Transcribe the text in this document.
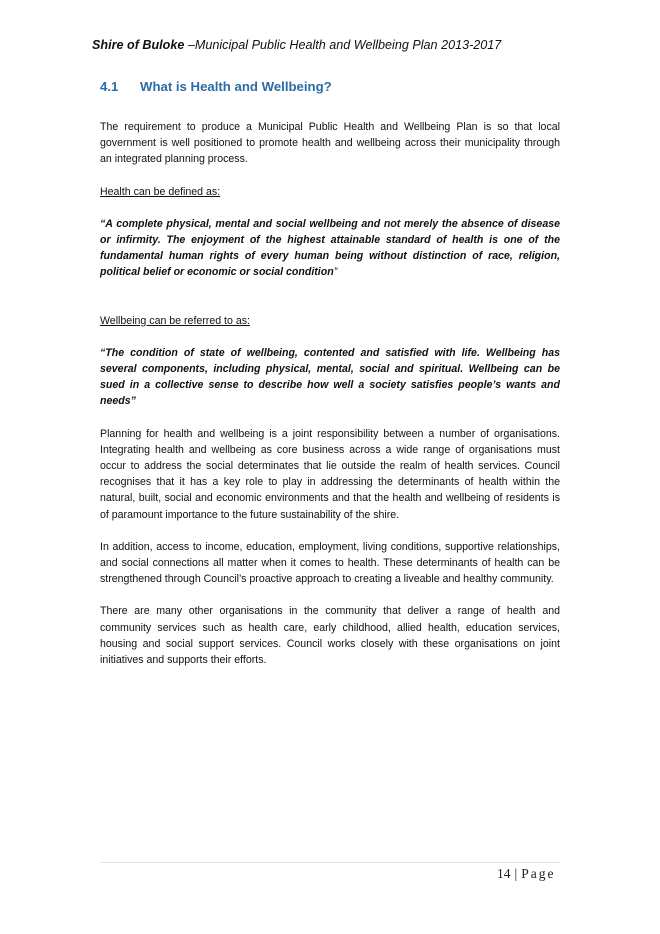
Shire of Buloke –Municipal Public Health and Wellbeing Plan 2013-2017
4.1 What is Health and Wellbeing?

The requirement to produce a Municipal Public Health and Wellbeing Plan is so that local government is well positioned to promote health and wellbeing across their municipality through an integrated planning process.

Health can be defined as:

“A complete physical, mental and social wellbeing and not merely the absence of disease or infirmity. The enjoyment of the highest attainable standard of health is one of the fundamental human rights of every human being without distinction of race, religion, political belief or economic or social condition”

Wellbeing can be referred to as:

“The condition of state of wellbeing, contented and satisfied with life. Wellbeing has several components, including physical, mental, social and spiritual. Wellbeing can be sued in a collective sense to describe how well a society satisfies people’s wants and needs”

Planning for health and wellbeing is a joint responsibility between a number of organisations. Integrating health and wellbeing as core business across a wide range of organisations must occur to address the social determinates that lie outside the realm of health services. Council recognises that it has a key role to play in addressing the determinants of health within the natural, built, social and economic environments and that the health and wellbeing of residents is of paramount importance to the future sustainability of the shire.

In addition, access to income, education, employment, living conditions, supportive relationships, and social connections all matter when it comes to health. These determinants of health can be strengthened through Council’s proactive approach to creating a liveable and healthy community.

There are many other organisations in the community that deliver a range of health and community services such as health care, early childhood, allied health, education services, housing and social support services. Council works closely with these organisations on joint initiatives and supports their efforts.

14 | Page
